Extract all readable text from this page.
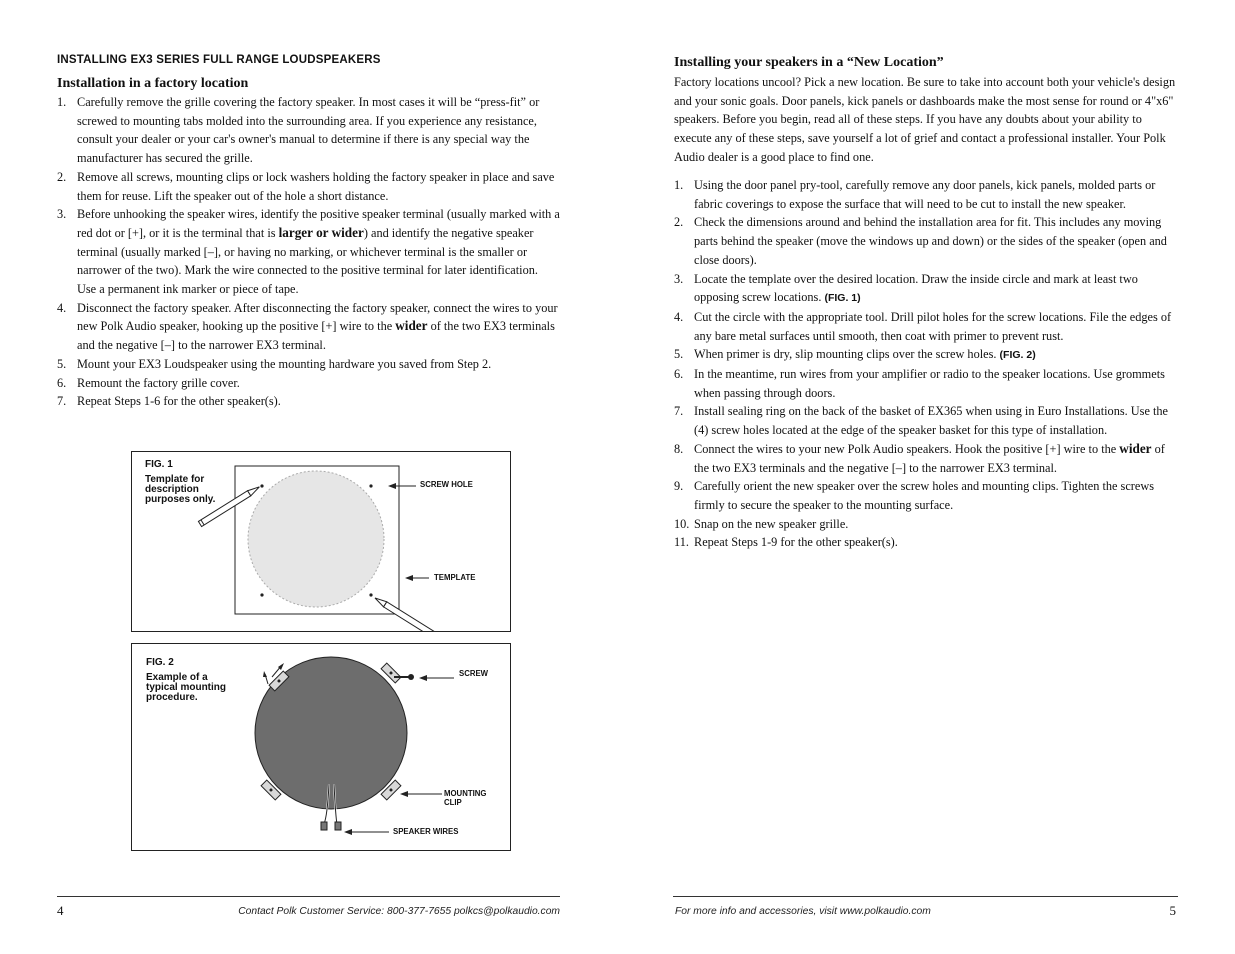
INSTALLING EX3 SERIES FULL RANGE LOUDSPEAKERS
Installation in a factory location
1. Carefully remove the grille covering the factory speaker. In most cases it will be “press-fit” or screwed to mounting tabs molded into the surrounding area. If you experience any resistance, consult your dealer or your car's owner's manual to determine if there is any special way the manufacturer has secured the grille.
2. Remove all screws, mounting clips or lock washers holding the factory speaker in place and save them for reuse. Lift the speaker out of the hole a short distance.
3. Before unhooking the speaker wires, identify the positive speaker terminal (usually marked with a red dot or [+], or it is the terminal that is larger or wider) and identify the negative speaker terminal (usually marked [–], or having no marking, or whichever terminal is the smaller or narrower of the two). Mark the wire connected to the positive terminal for later identification. Use a permanent ink marker or piece of tape.
4. Disconnect the factory speaker. After disconnecting the factory speaker, connect the wires to your new Polk Audio speaker, hooking up the positive [+] wire to the wider of the two EX3 terminals and the negative [–] to the narrower EX3 terminal.
5. Mount your EX3 Loudspeaker using the mounting hardware you saved from Step 2.
6. Remount the factory grille cover.
7. Repeat Steps 1-6 for the other speaker(s).
FIG. 1
Template for description purposes only.
SCREW HOLE
TEMPLATE
FIG. 2
Example of a typical mounting procedure.
SCREW
MOUNTING CLIP
SPEAKER WIRES
4	Contact Polk Customer Service: 800-377-7655 polkcs@polkaudio.com
Installing your speakers in a “New Location”

Factory locations uncool? Pick a new location. Be sure to take into account both your vehicle's design and your sonic goals. Door panels, kick panels or dashboards make the most sense for round or 4"x6" speakers. Before you begin, read all of these steps. If you have any doubts about your ability to execute any of these steps, save yourself a lot of grief and contact a professional installer. Your Polk Audio dealer is a good place to find one.

1. Using the door panel pry-tool, carefully remove any door panels, kick panels, molded parts or fabric coverings to expose the surface that will need to be cut to install the new speaker.
2. Check the dimensions around and behind the installation area for fit. This includes any moving parts behind the speaker (move the windows up and down) or the sides of the speaker (open and close doors).
3. Locate the template over the desired location. Draw the inside circle and mark at least two opposing screw locations. (FIG. 1)
4. Cut the circle with the appropriate tool. Drill pilot holes for the screw locations. File the edges of any bare metal surfaces until smooth, then coat with primer to prevent rust.
5. When primer is dry, slip mounting clips over the screw holes. (FIG. 2)
6. In the meantime, run wires from your amplifier or radio to the speaker locations. Use grommets when passing through doors.
7. Install sealing ring on the back of the basket of EX365 when using in Euro Installations. Use the (4) screw holes located at the edge of the speaker basket for this type of installation.
8. Connect the wires to your new Polk Audio speakers. Hook the positive [+] wire to the wider of the two EX3 terminals and the negative [–] to the narrower EX3 terminal.
9. Carefully orient the new speaker over the screw holes and mounting clips. Tighten the screws firmly to secure the speaker to the mounting surface.
10. Snap on the new speaker grille.
11. Repeat Steps 1-9 for the other speaker(s).
For more info and accessories, visit www.polkaudio.com	5
